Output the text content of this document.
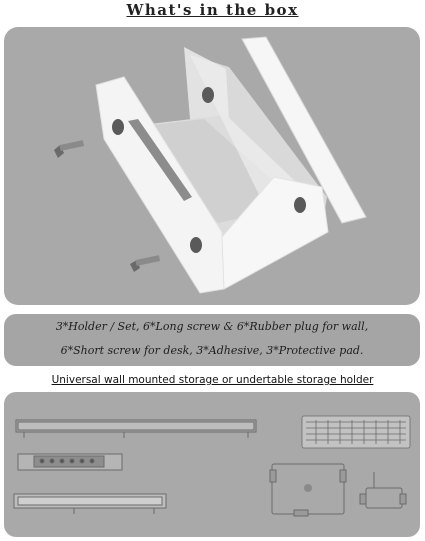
What's in the box
3*Holder / Set, 6*Long screw & 6*Rubber plug for wall,
6*Short screw for desk, 3*Adhesive, 3*Protective pad.
Universal wall mounted storage or undertable storage holder
